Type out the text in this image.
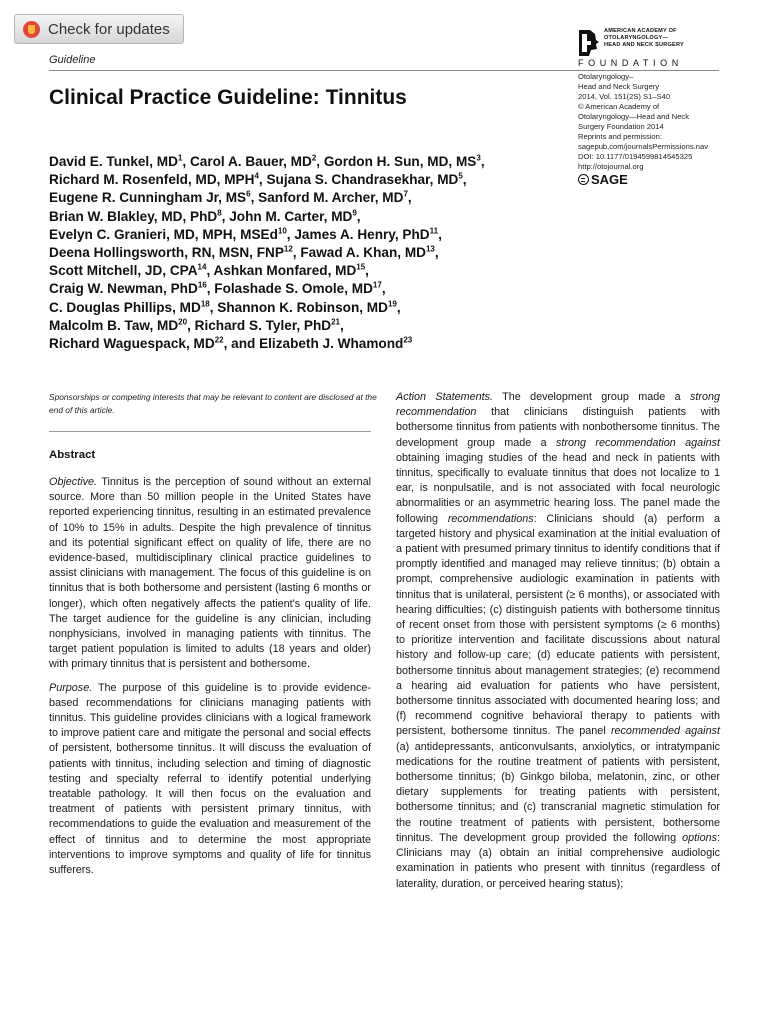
Check for updates
Guideline
AMERICAN ACADEMY OF
OTOLARYNGOLOGY—
HEAD AND NECK SURGERY
FOUNDATION
Clinical Practice Guideline: Tinnitus
Otolaryngology–
Head and Neck Surgery
2014, Vol. 151(2S) S1–S40
© American Academy of
Otolaryngology—Head and Neck
Surgery Foundation 2014
Reprints and permission:
sagepub.com/journalsPermissions.nav
DOI: 10.1177/0194599814545325
http://otojournal.org
SAGE
David E. Tunkel, $MD^1$, Carol A. Bauer, $MD^2$, Gordon H. Sun, MD, $MS^3$,
Richard M. Rosenfeld, MD, MPH$^4$, Sujana S. Chandrasekhar, $MD^5$,
Eugene R. Cunningham Jr, $MS^6$, Sanford M. Archer, $MD^7$,
Brian W. Blakley, MD, PhD$^8$, John M. Carter, $MD^9$,
Evelyn C. Granieri, MD, MPH, MSEd$^{10}$, James A. Henry, PhD$^{11}$,
Deena Hollingsworth, RN, MSN, FNP$^{12}$, Fawad A. Khan, MD$^{13}$,
Scott Mitchell, JD, CPA$^{14}$, Ashkan Monfared, MD$^{15}$,
Craig W. Newman, PhD$^{16}$, Folashade S. Omole, MD$^{17}$,
C. Douglas Phillips, MD$^{18}$, Shannon K. Robinson, MD$^{19}$,
Malcolm B. Taw, MD$^{20}$, Richard S. Tyler, PhD$^{21}$,
Richard Waguespack, MD$^{22}$, and Elizabeth J. Whamond$^{23}$
Sponsorships or competing interests that may be relevant to content are disclosed at the end of this article.
Abstract

Objective. Tinnitus is the perception of sound without an external source. More than 50 million people in the United States have reported experiencing tinnitus, resulting in an estimated prevalence of 10% to 15% in adults. Despite the high prevalence of tinnitus and its potential significant effect on quality of life, there are no evidence-based, multidisciplinary clinical practice guidelines to assist clinicians with management. The focus of this guideline is on tinnitus that is both bothersome and persistent (lasting 6 months or longer), which often negatively affects the patient's quality of life. The target audience for the guideline is any clinician, including nonphysicians, involved in managing patients with tinnitus. The target patient population is limited to adults (18 years and older) with primary tinnitus that is persistent and bothersome.

Purpose. The purpose of this guideline is to provide evidence-based recommendations for clinicians managing patients with tinnitus. This guideline provides clinicians with a logical framework to improve patient care and mitigate the personal and social effects of persistent, bothersome tinnitus. It will discuss the evaluation of patients with tinnitus, including selection and timing of diagnostic testing and specialty referral to identify potential underlying treatable pathology. It will then focus on the evaluation and treatment of patients with persistent primary tinnitus, with recommendations to guide the evaluation and measurement of the effect of tinnitus and to determine the most appropriate interventions to improve symptoms and quality of life for tinnitus sufferers.

Action Statements. The development group made a strong recommendation that clinicians distinguish patients with bothersome tinnitus from patients with nonbothersome tinnitus. The development group made a strong recommendation against obtaining imaging studies of the head and neck in patients with tinnitus, specifically to evaluate tinnitus that does not localize to 1 ear, is nonpulsatile, and is not associated with focal neurologic abnormalities or an asymmetric hearing loss. The panel made the following recommendations: Clinicians should (a) perform a targeted history and physical examination at the initial evaluation of a patient with presumed primary tinnitus to identify conditions that if promptly identified and managed may relieve tinnitus; (b) obtain a prompt, comprehensive audiologic examination in patients with tinnitus that is unilateral, persistent (≥ 6 months), or associated with hearing difficulties; (c) distinguish patients with bothersome tinnitus of recent onset from those with persistent symptoms (≥ 6 months) to prioritize intervention and facilitate discussions about natural history and follow-up care; (d) educate patients with persistent, bothersome tinnitus about management strategies; (e) recommend a hearing aid evaluation for patients who have persistent, bothersome tinnitus associated with documented hearing loss; and (f) recommend cognitive behavioral therapy to patients with persistent, bothersome tinnitus. The panel recommended against (a) antidepressants, anticonvulsants, anxiolytics, or intratympanic medications for the routine treatment of patients with persistent, bothersome tinnitus; (b) Ginkgo biloba, melatonin, zinc, or other dietary supplements for treating patients with persistent, bothersome tinnitus; and (c) transcranial magnetic stimulation for the routine treatment of patients with persistent, bothersome tinnitus. The development group provided the following options: Clinicians may (a) obtain an initial comprehensive audiologic examination in patients who present with tinnitus (regardless of laterality, duration, or perceived hearing status);
